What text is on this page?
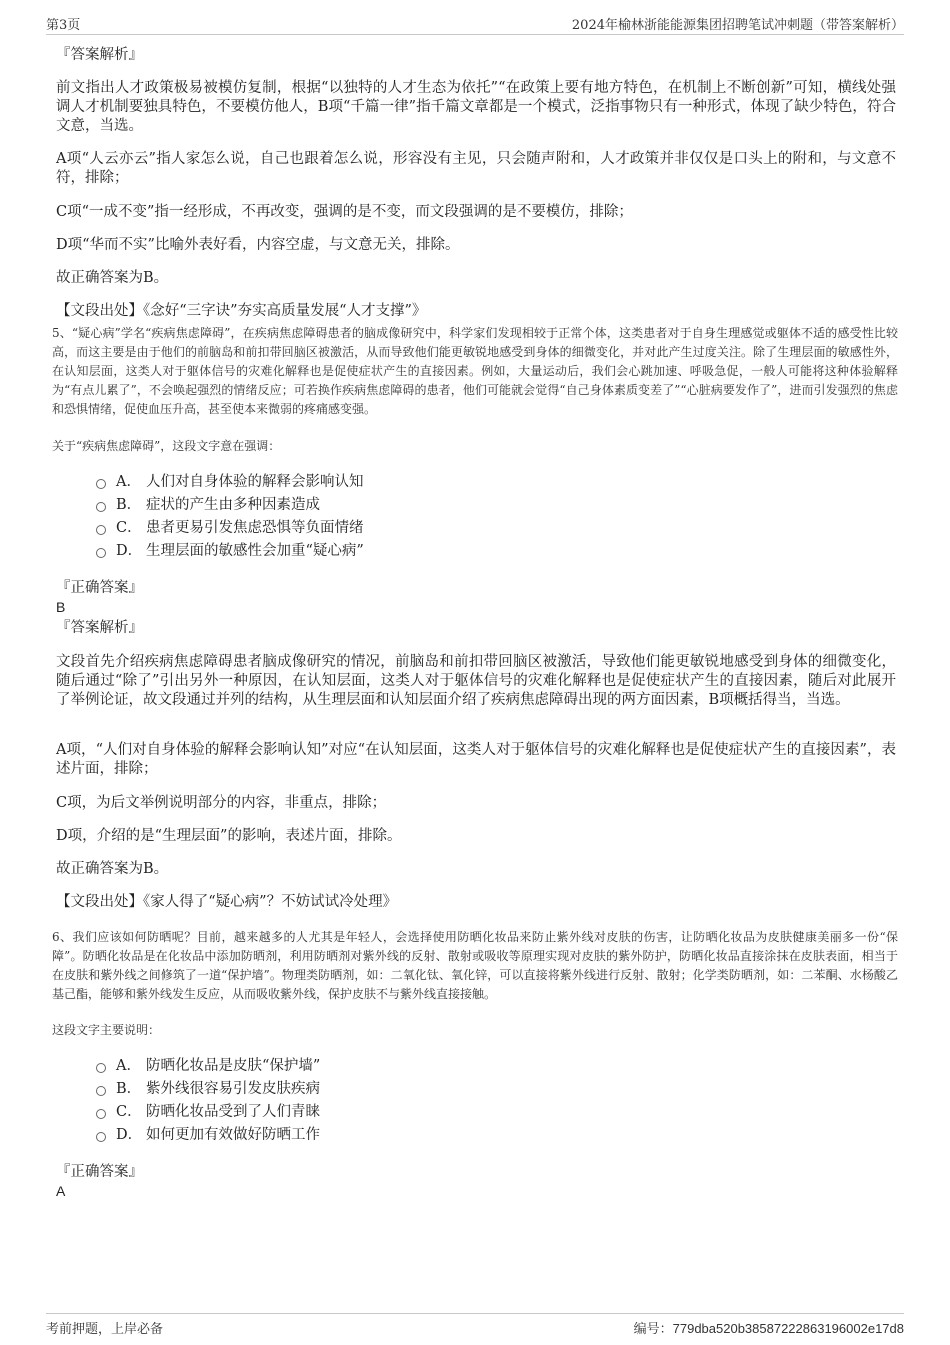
第3页	2024年榆林浙能能源集团招聘笔试冲刺题（带答案解析）
『答案解析』
前文指出人才政策极易被模仿复制，根据“以独特的人才生态为依托”“在政策上要有地方特色，在机制上不断创新”可知，横线处强调人才机制要独具特色，不要模仿他人，B项“千篇一律”指千篇文章都是一个模式，泛指事物只有一种形式，体现了缺少特色，符合文意，当选。
A项“人云亦云”指人家怎么说，自己也跟着怎么说，形容没有主见，只会随声附和，人才政策并非仅仅是口头上的附和，与文意不符，排除；
C项“一成不变”指一经形成，不再改变，强调的是不变，而文段强调的是不要模仿，排除；
D项“华而不实”比喻外表好看，内容空虚，与文意无关，排除。
故正确答案为B。
【文段出处】《念好“三字诀”夯实高质量发展“人才支撑”》
5、“疑心病”学名“疾病焦虑障碍”，在疾病焦虑障碍患者的脑成像研究中，科学家们发现相较于正常个体，这类患者对于自身生理感觉或躯体不适的感受性比较高，而这主要是由于他们的前脑岛和前扣带回脑区被激活，从而导致他们能更敏锐地感受到身体的细微变化，并对此产生过度关注。除了生理层面的敏感性外，在认知层面，这类人对于躯体信号的灾难化解释也是促使症状产生的直接因素。例如，大量运动后，我们会心跳加速、呼吸急促，一般人可能将这种体验解释为“有点儿累了”，不会唤起强烈的情绪反应；可若换作疾病焦虑障碍的患者，他们可能就会觉得“自己身体素质变差了”“心脏病要发作了”，进而引发强烈的焦虑和恐惧情绪，促使血压升高，甚至使本来微弱的疼痛感变强。
关于“疾病焦虑障碍”，这段文字意在强调：
A． 人们对自身体验的解释会影响认知
B． 症状的产生由多种因素造成
C． 患者更易引发焦虑恐惧等负面情绪
D． 生理层面的敏感性会加重“疑心病”
『正确答案』
B
『答案解析』
文段首先介绍疾病焦虑障碍患者脑成像研究的情况，前脑岛和前扣带回脑区被激活，导致他们能更敏锐地感受到身体的细微变化，随后通过“除了”引出另外一种原因，在认知层面，这类人对于躯体信号的灾难化解释也是促使症状产生的直接因素，随后对此展开了举例论证，故文段通过并列的结构，从生理层面和认知层面介绍了疾病焦虑障碍出现的两方面因素，B项概括得当，当选。
A项，“人们对自身体验的解释会影响认知”对应“在认知层面，这类人对于躯体信号的灾难化解释也是促使症状产生的直接因素”，表述片面，排除；
C项，为后文举例说明部分的内容，非重点，排除；
D项，介绍的是“生理层面”的影响，表述片面，排除。
故正确答案为B。
【文段出处】《家人得了“疑心病”？不妨试试冷处理》
6、我们应该如何防晒呢？目前，越来越多的人尤其是年轻人，会选择使用防晒化妆品来防止紫外线对皮肤的伤害，让防晒化妆品为皮肤健康美丽多一份“保障”。防晒化妆品是在化妆品中添加防晒剂，利用防晒剂对紫外线的反射、散射或吸收等原理实现对皮肤的紫外防护，防晒化妆品直接涂抹在皮肤表面，相当于在皮肤和紫外线之间修筑了一道“保护墙”。物理类防晒剂，如：二氧化钛、氧化锌，可以直接将紫外线进行反射、散射；化学类防晒剂，如：二苯酮、水杨酸乙基己酯，能够和紫外线发生反应，从而吸收紫外线，保护皮肤不与紫外线直接接触。
这段文字主要说明：
A． 防晒化妆品是皮肤“保护墙”
B． 紫外线很容易引发皮肤疾病
C． 防晒化妆品受到了人们青睐
D． 如何更加有效做好防晒工作
『正确答案』
A
考前押题，上岸必备	编号：779dba520b38587222863196002e17d8
